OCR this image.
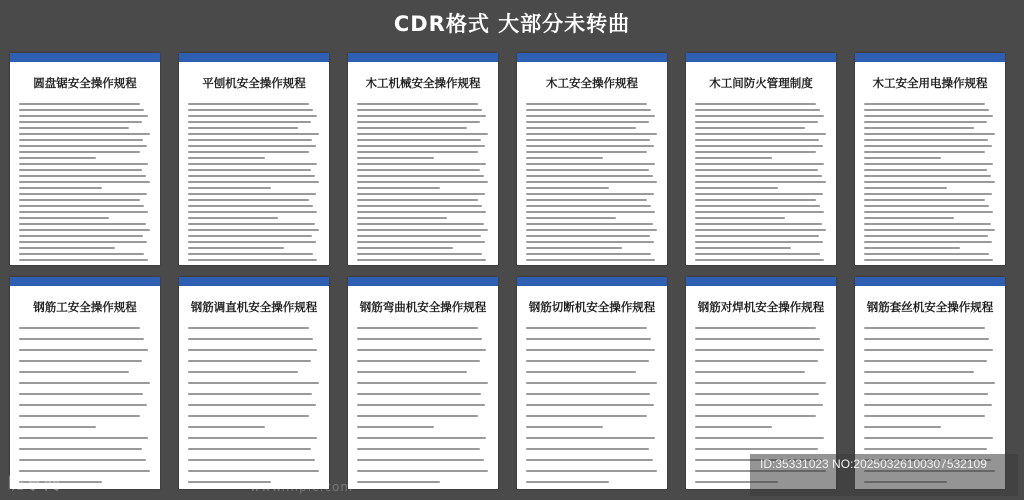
CDR格式 大部分未转曲
圆盘锯安全操作规程	平刨机安全操作规程	木工机械安全操作规程	木工安全操作规程	木工间防火管理制度	木工安全用电操作规程
钢筋工安全操作规程	钢筋调直机安全操作规程	钢筋弯曲机安全操作规程	钢筋切断机安全操作规程	钢筋对焊机安全操作规程	钢筋套丝机安全操作规程
昵享网	www.nipic.com
ID:35331023 NO:20250326100307532109
